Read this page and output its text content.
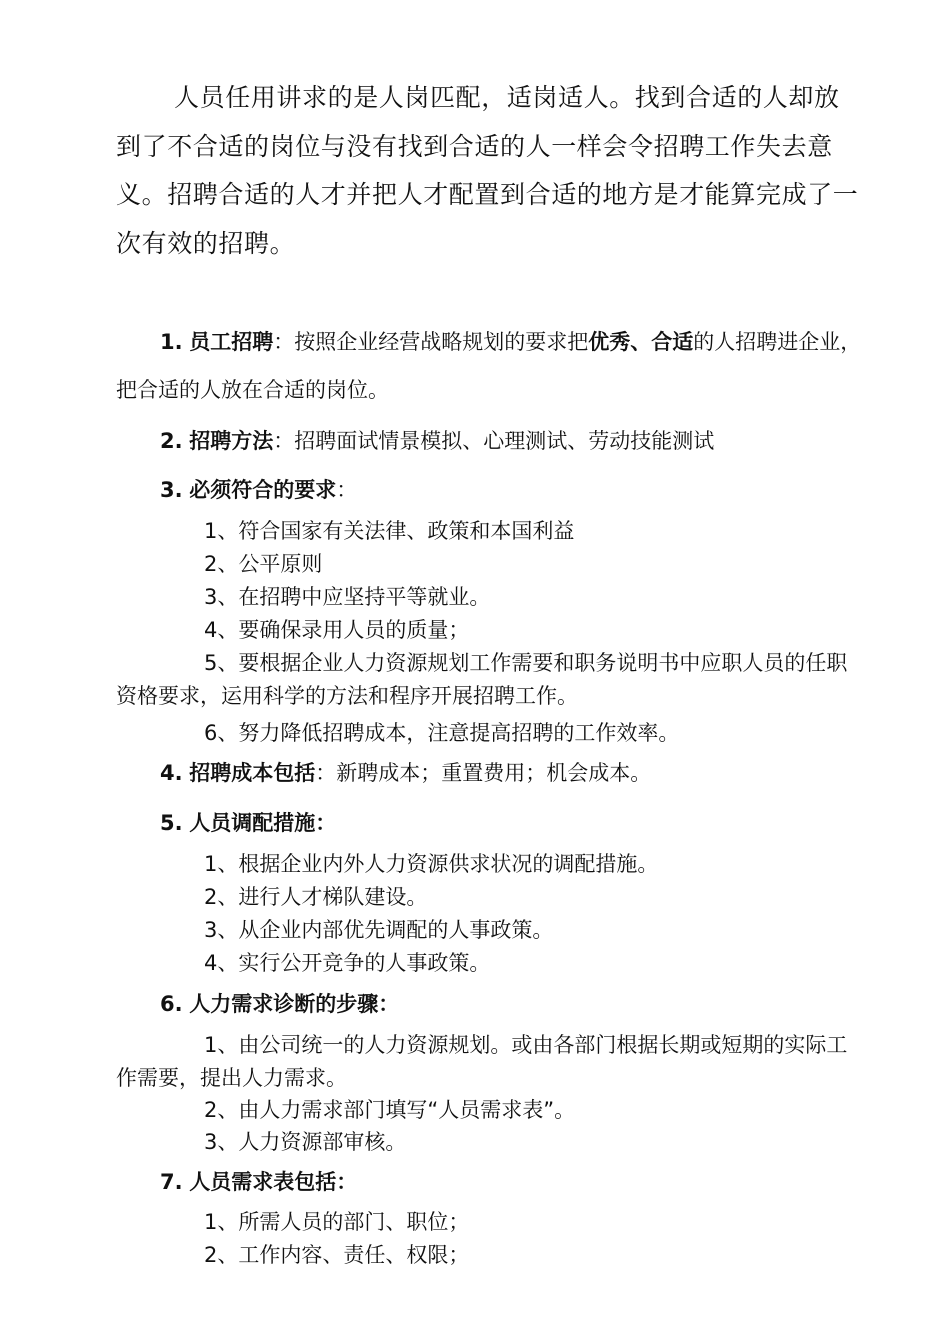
人员任用讲求的是人岗匹配，适岗适人。找到合适的人却放到了不合适的岗位与没有找到合适的人一样会令招聘工作失去意义。招聘合适的人才并把人才配置到合适的地方是才能算完成了一次有效的招聘。

1. 员工招聘：按照企业经营战略规划的要求把优秀、合适的人招聘进企业，把合适的人放在合适的岗位。
2. 招聘方法：招聘面试情景模拟、心理测试、劳动技能测试
3. 必须符合的要求：
1、符合国家有关法律、政策和本国利益
2、公平原则
3、在招聘中应坚持平等就业。
4、要确保录用人员的质量；
5、要根据企业人力资源规划工作需要和职务说明书中应职人员的任职资格要求，运用科学的方法和程序开展招聘工作。
6、努力降低招聘成本，注意提高招聘的工作效率。
4. 招聘成本包括：新聘成本；重置费用；机会成本。
5. 人员调配措施：
1、根据企业内外人力资源供求状况的调配措施。
2、进行人才梯队建设。
3、从企业内部优先调配的人事政策。
4、实行公开竞争的人事政策。
6. 人力需求诊断的步骤：
1、由公司统一的人力资源规划。或由各部门根据长期或短期的实际工作需要，提出人力需求。
2、由人力需求部门填写“人员需求表”。
3、人力资源部审核。
7. 人员需求表包括：
1、所需人员的部门、职位；
2、工作内容、责任、权限；
